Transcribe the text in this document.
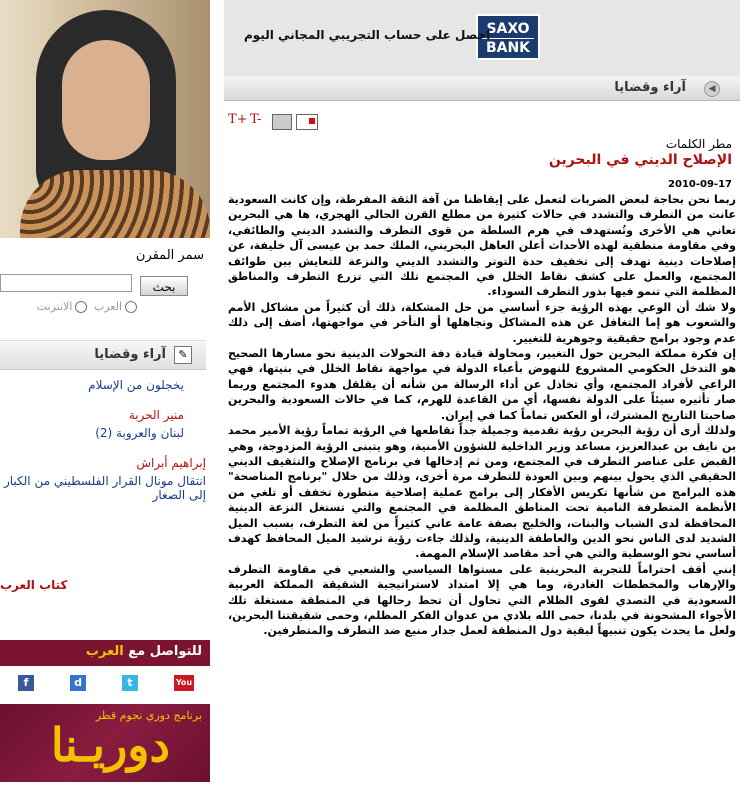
سمر المقرن
بحث
العرب الانترنت
✎
آراء وقضايا
يخجلون من الإسلام
منير الحربة
لبنان والعروبة (2)
إبراهيم أبراش
انتقال مونال القرار الفلسطيني من الكبار إلى الصغار
كتاب العرب
للتواصل مع العرب
f	d	t	You
برنامج دوري نجوم قطر
دوريـنا
SAXO
BANK
احصل على حساب التجريبي المجاني اليوم
آراء وقضايا	◀
T+ T-
مطر الكلمات
الإصلاح الديني في البحرين
2010-09-17

ربما نحن بحاجة لبعض الضربات لتعمل على إيقاظنا من آفة الثقة المفرطة، وإن كانت السعودية عانت من التطرف والتشدد في حالات كثيرة من مطلع القرن الحالي الهجري، ها هي البحرين تعاني هي الأخرى وتُستهدف في هرم السلطة من قوى التطرف والتشدد الديني والطائفي، وفي مقاومة منطقية لهذه الأحداث أعلن العاهل البحريني، الملك حمد بن عيسى آل خليفة، عن إصلاحات دينية تهدف إلى تخفيف حدة التوتر والتشدد الديني والنزعة للتعايش بين طوائف المجتمع، والعمل على كشف نقاط الخلل في المجتمع تلك التي تزرع التطرف والمناطق المظلمة التي تنمو فيها بذور التطرف السوداء.

ولا شك أن الوعي بهذه الرؤية جزء أساسي من حل المشكلة، ذلك أن كثيراً من مشاكل الأمم والشعوب هو إما التغافل عن هذه المشاكل وتجاهلها أو التأخر في مواجهتها، أضف إلى ذلك عدم وجود برامج حقيقية وجوهرية للتغيير.

إن فكرة مملكة البحرين حول التغيير، ومحاولة قيادة دفة التحولات الدينية نحو مسارها الصحيح هو التدخل الحكومي المشروع للنهوض بأعباء الدولة في مواجهة نقاط الخلل في بنيتها، فهي الراعي لأفراد المجتمع، وأي تخاذل عن أداء الرسالة من شأنه أن يقلقل هدوء المجتمع وربما صار تأثيره سيئاً على الدولة نفسها، أي من القاعدة للهرم، كما في حالات السعودية والبحرين صاحبتا التاريخ المشترك، أو العكس تماماً كما في إيران.

ولذلك أرى أن رؤية البحرين رؤية تقدمية وجميلة جداً تقاطعها في الرؤية تماماً رؤية الأمير محمد بن نايف بن عبدالعزيز، مساعد وزير الداخلية للشؤون الأمنية، وهو يتبنى الرؤية المزدوجة، وهي القبض على عناصر التطرف في المجتمع، ومن ثم إدخالها في برنامج الإصلاح والتثقيف الديني الحقيقي الذي يحول بينهم وبين العودة للتطرف مرة أخرى، وذلك من خلال "برنامج المناصحة" هذه البرامج من شأنها تكريس الأفكار إلى برامج عملية إصلاحية متطورة تخفف أو تلغي من الأنظمة المتطرفة النامية تحت المناطق المظلمة في المجتمع والتي تستغل النزعة الدينية المحافظة لدى الشباب والبنات، والخليج بصفة عامة عاني كثيراً من لغة التطرف، بسبب الميل الشديد لدى الناس نحو الدين والعاطفة الدينية، ولذلك جاءت رؤية ترشيد الميل المحافظ كهدف أساسي نحو الوسطية والتي هي أحد مقاصد الإسلام المهمة.

إنني أقف احتراماً للتجربة البحرينية على مستواها السياسي والشعبي في مقاومة التطرف والإرهاب والمخططات الغادرة، وما هي إلا امتداد لاستراتيجية الشقيقة المملكة العربية السعودية في التصدي لقوى الظلام التي تحاول أن تحط رحالها في المنطقة مستغلة تلك الأجواء المشحونة في بلدنا، حمى الله بلادي من عدوان الفكر المظلم، وحمى شقيقتنا البحرين، ولعل ما يحدث يكون تنبيهاً لبقية دول المنطقة لعمل جدار منيع ضد التطرف والمتطرفين.
